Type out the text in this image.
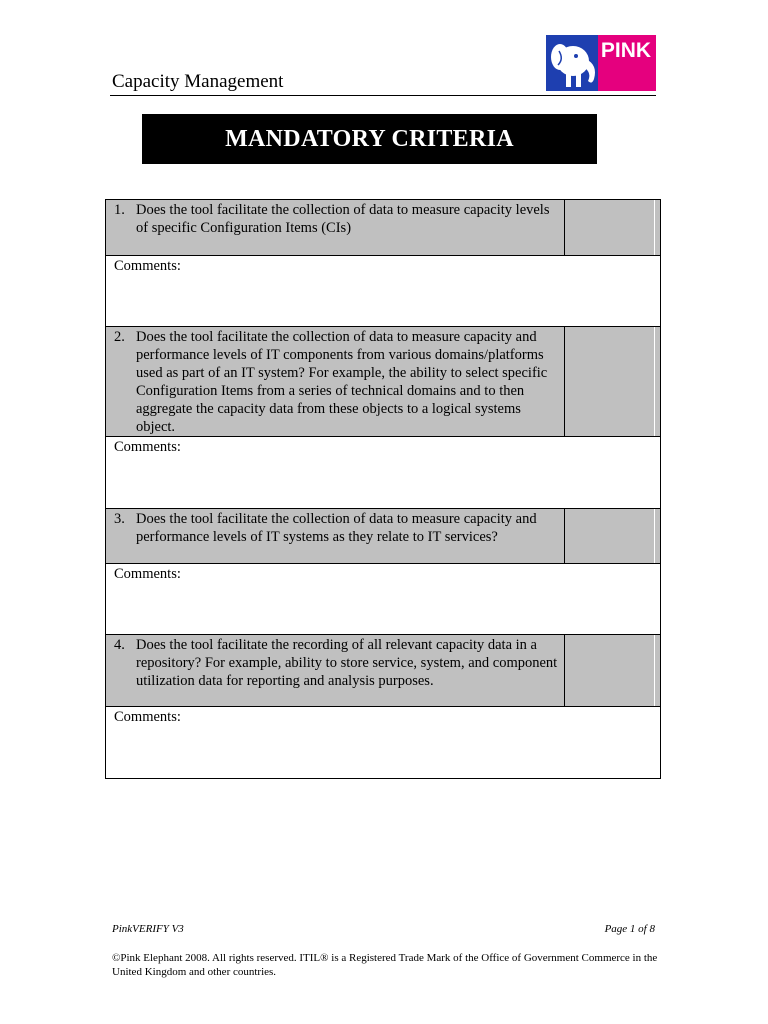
Capacity Management
PINK
MANDATORY CRITERIA
1. Does the tool facilitate the collection of data to measure capacity levels of specific Configuration Items (CIs)	

Comments:	

2. Does the tool facilitate the collection of data to measure capacity and performance levels of IT components from various domains/platforms used as part of an IT system? For example, the ability to select specific Configuration Items from a series of technical domains and to then aggregate the capacity data from these objects to a logical systems object.	

Comments:	

3. Does the tool facilitate the collection of data to measure capacity and performance levels of IT systems as they relate to IT services?	

Comments:	

4. Does the tool facilitate the recording of all relevant capacity data in a repository? For example, ability to store service, system, and component utilization data for reporting and analysis purposes.	

Comments:	
PinkVERIFY V3	Page 1 of 8
©Pink Elephant 2008. All rights reserved. ITIL® is a Registered Trade Mark of the Office of Government Commerce in the United Kingdom and other countries.
